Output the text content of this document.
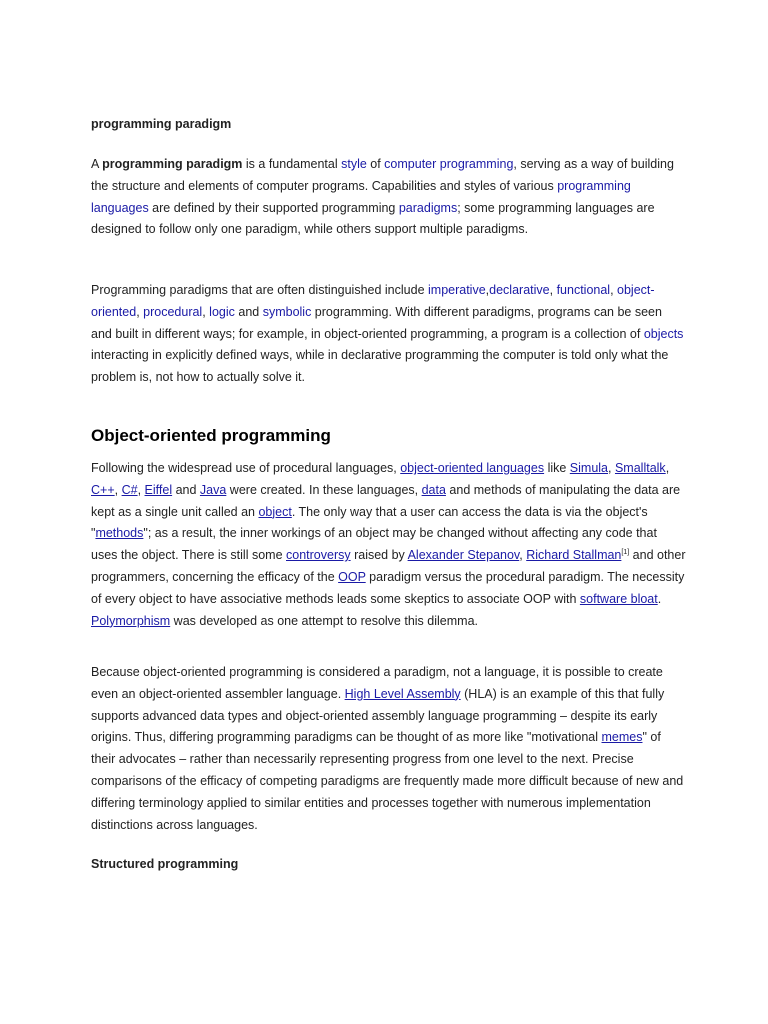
programming paradigm

A programming paradigm is a fundamental style of computer programming, serving as a way of building the structure and elements of computer programs. Capabilities and styles of various programming languages are defined by their supported programming paradigms; some programming languages are designed to follow only one paradigm, while others support multiple paradigms.

Programming paradigms that are often distinguished include imperative,declarative, functional, object-oriented, procedural, logic and symbolic programming. With different paradigms, programs can be seen and built in different ways; for example, in object-oriented programming, a program is a collection of objects interacting in explicitly defined ways, while in declarative programming the computer is told only what the problem is, not how to actually solve it.

Object-oriented programming

Following the widespread use of procedural languages, object-oriented languages like Simula, Smalltalk, C++, C#, Eiffel and Java were created. In these languages, data and methods of manipulating the data are kept as a single unit called an object. The only way that a user can access the data is via the object's "methods"; as a result, the inner workings of an object may be changed without affecting any code that uses the object. There is still some controversy raised by Alexander Stepanov, Richard Stallman[1] and other programmers, concerning the efficacy of the OOP paradigm versus the procedural paradigm. The necessity of every object to have associative methods leads some skeptics to associate OOP with software bloat. Polymorphism was developed as one attempt to resolve this dilemma.

Because object-oriented programming is considered a paradigm, not a language, it is possible to create even an object-oriented assembler language. High Level Assembly (HLA) is an example of this that fully supports advanced data types and object-oriented assembly language programming – despite its early origins. Thus, differing programming paradigms can be thought of as more like "motivational memes" of their advocates – rather than necessarily representing progress from one level to the next. Precise comparisons of the efficacy of competing paradigms are frequently made more difficult because of new and differing terminology applied to similar entities and processes together with numerous implementation distinctions across languages.

Structured programming
